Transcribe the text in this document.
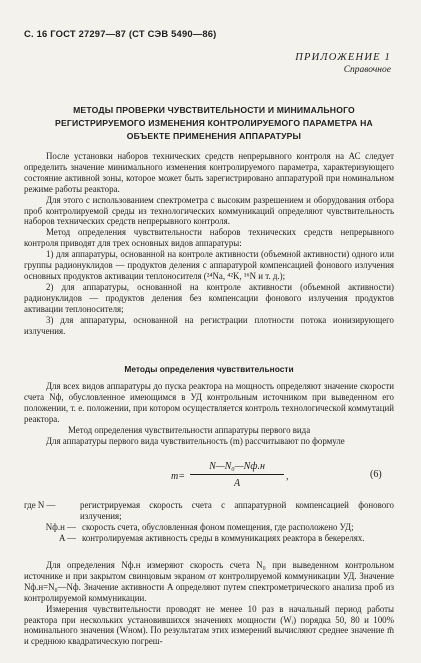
С. 16 ГОСТ 27297—87 (СТ СЭВ 5490—86)
ПРИЛОЖЕНИЕ 1
Справочное
МЕТОДЫ ПРОВЕРКИ ЧУВСТВИТЕЛЬНОСТИ И МИНИМАЛЬНОГО РЕГИСТРИРУЕМОГО ИЗМЕНЕНИЯ КОНТРОЛИРУЕМОГО ПАРАМЕТРА НА ОБЪЕКТЕ ПРИМЕНЕНИЯ АППАРАТУРЫ

После установки наборов технических средств непрерывного контроля на АС следует определить значение минимального изменения контролируемого параметра, характеризующего состояние активной зоны, которое может быть зарегистрировано аппаратурой при номинальном режиме работы реактора.

Для этого с использованием спектрометра с высоким разрешением и оборудования отбора проб контролируемой среды из технологических коммуникаций определяют чувствительность наборов технических средств непрерывного контроля.

Метод определения чувствительности наборов технических средств непрерывного контроля приводят для трех основных видов аппаратуры:

1) для аппаратуры, основанной на контроле активности (объемной активности) одного или группы радионуклидов — продуктов деления с аппаратурой компенсацией фонового излучения основных продуктов активации теплоносителя (²⁴Na, ⁴²K, ¹⁶N и т. д.);

2) для аппаратуры, основанной на контроле активности (объемной активности) радионуклидов — продуктов деления без компенсации фонового излучения продуктов активации теплоносителя;

3) для аппаратуры, основанной на регистрации плотности потока ионизирующего излучения.

Методы определения чувствительности

Для всех видов аппаратуры до пуска реактора на мощность определяют значение скорости счета Nф, обусловленное имеющимся в УД контрольным источником при выведенном его положении, т. е. положении, при котором осуществляется контроль технологической коммутаций реактора.

Метод определения чувствительности аппаратуры первого вида

Для аппаратуры первого вида чувствительность (m) рассчитывают по формуле

m=
N—N₀—Nф.н
A
,	(6)
где N —	регистрируемая скорость счета с аппаратурной компенсацией фонового излучения;
Nф.н — скорость счета, обусловленная фоном помещения, где расположено УД;
A — контролируемая активность среды в коммуникациях реактора в бекерелях.

Для определения Nф.н измеряют скорость счета N₀ при выведенном контрольном источнике и при закрытом свинцовым экраном от контролируемой коммуникации УД. Значение Nф.н=N₀—Nф. Значение активности A определяют путем спектрометрического анализа проб из контролируемой коммуникации.

Измерения чувствительности проводят не менее 10 раз в начальный период работы реактора при нескольких установившихся значениях мощности (Wᵢ) порядка 50, 80 и 100% номинального значения (Wном). По результатам этих измерений вычисляют среднее значение m̄ и среднюю квадратическую погреш-
